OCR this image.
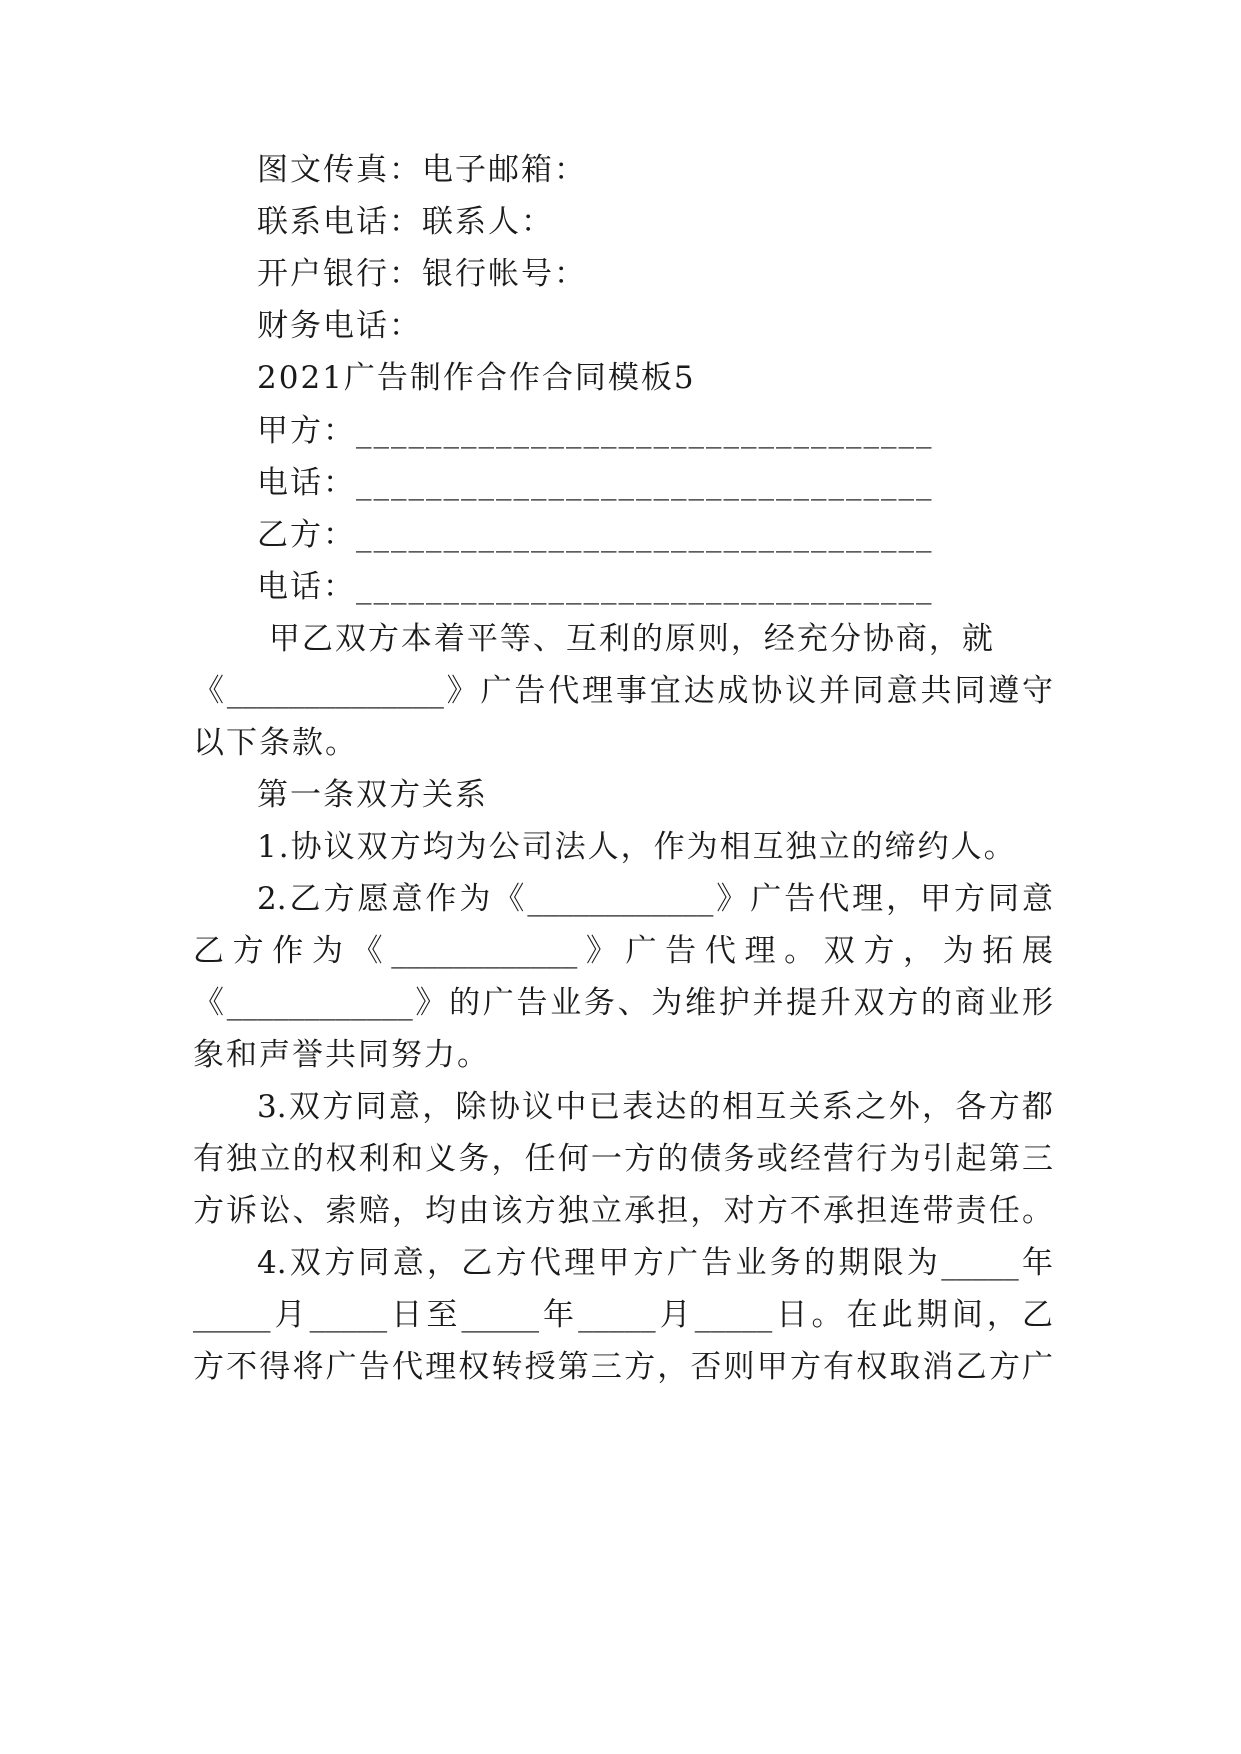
图文传真：电子邮箱：
联系电话：联系人：
开户银行：银行帐号：
财务电话：
2021广告制作合作合同模板5
甲方：_________________________________
电话：_________________________________
乙方：_________________________________
电话：_________________________________
甲乙双方本着平等、互利的原则，经充分协商，就
《______________》广告代理事宜达成协议并同意共同遵守
以下条款。
第一条双方关系
1.协议双方均为公司法人，作为相互独立的缔约人。
2.乙方愿意作为《____________》广告代理，甲方同意
乙方作为《____________》广告代理。双方，为拓展
《____________》的广告业务、为维护并提升双方的商业形
象和声誉共同努力。
3.双方同意，除协议中已表达的相互关系之外，各方都
有独立的权利和义务，任何一方的债务或经营行为引起第三
方诉讼、索赔，均由该方独立承担，对方不承担连带责任。
4.双方同意，乙方代理甲方广告业务的期限为_____年
_____月_____日至_____年_____月_____日。在此期间，乙
方不得将广告代理权转授第三方，否则甲方有权取消乙方广
